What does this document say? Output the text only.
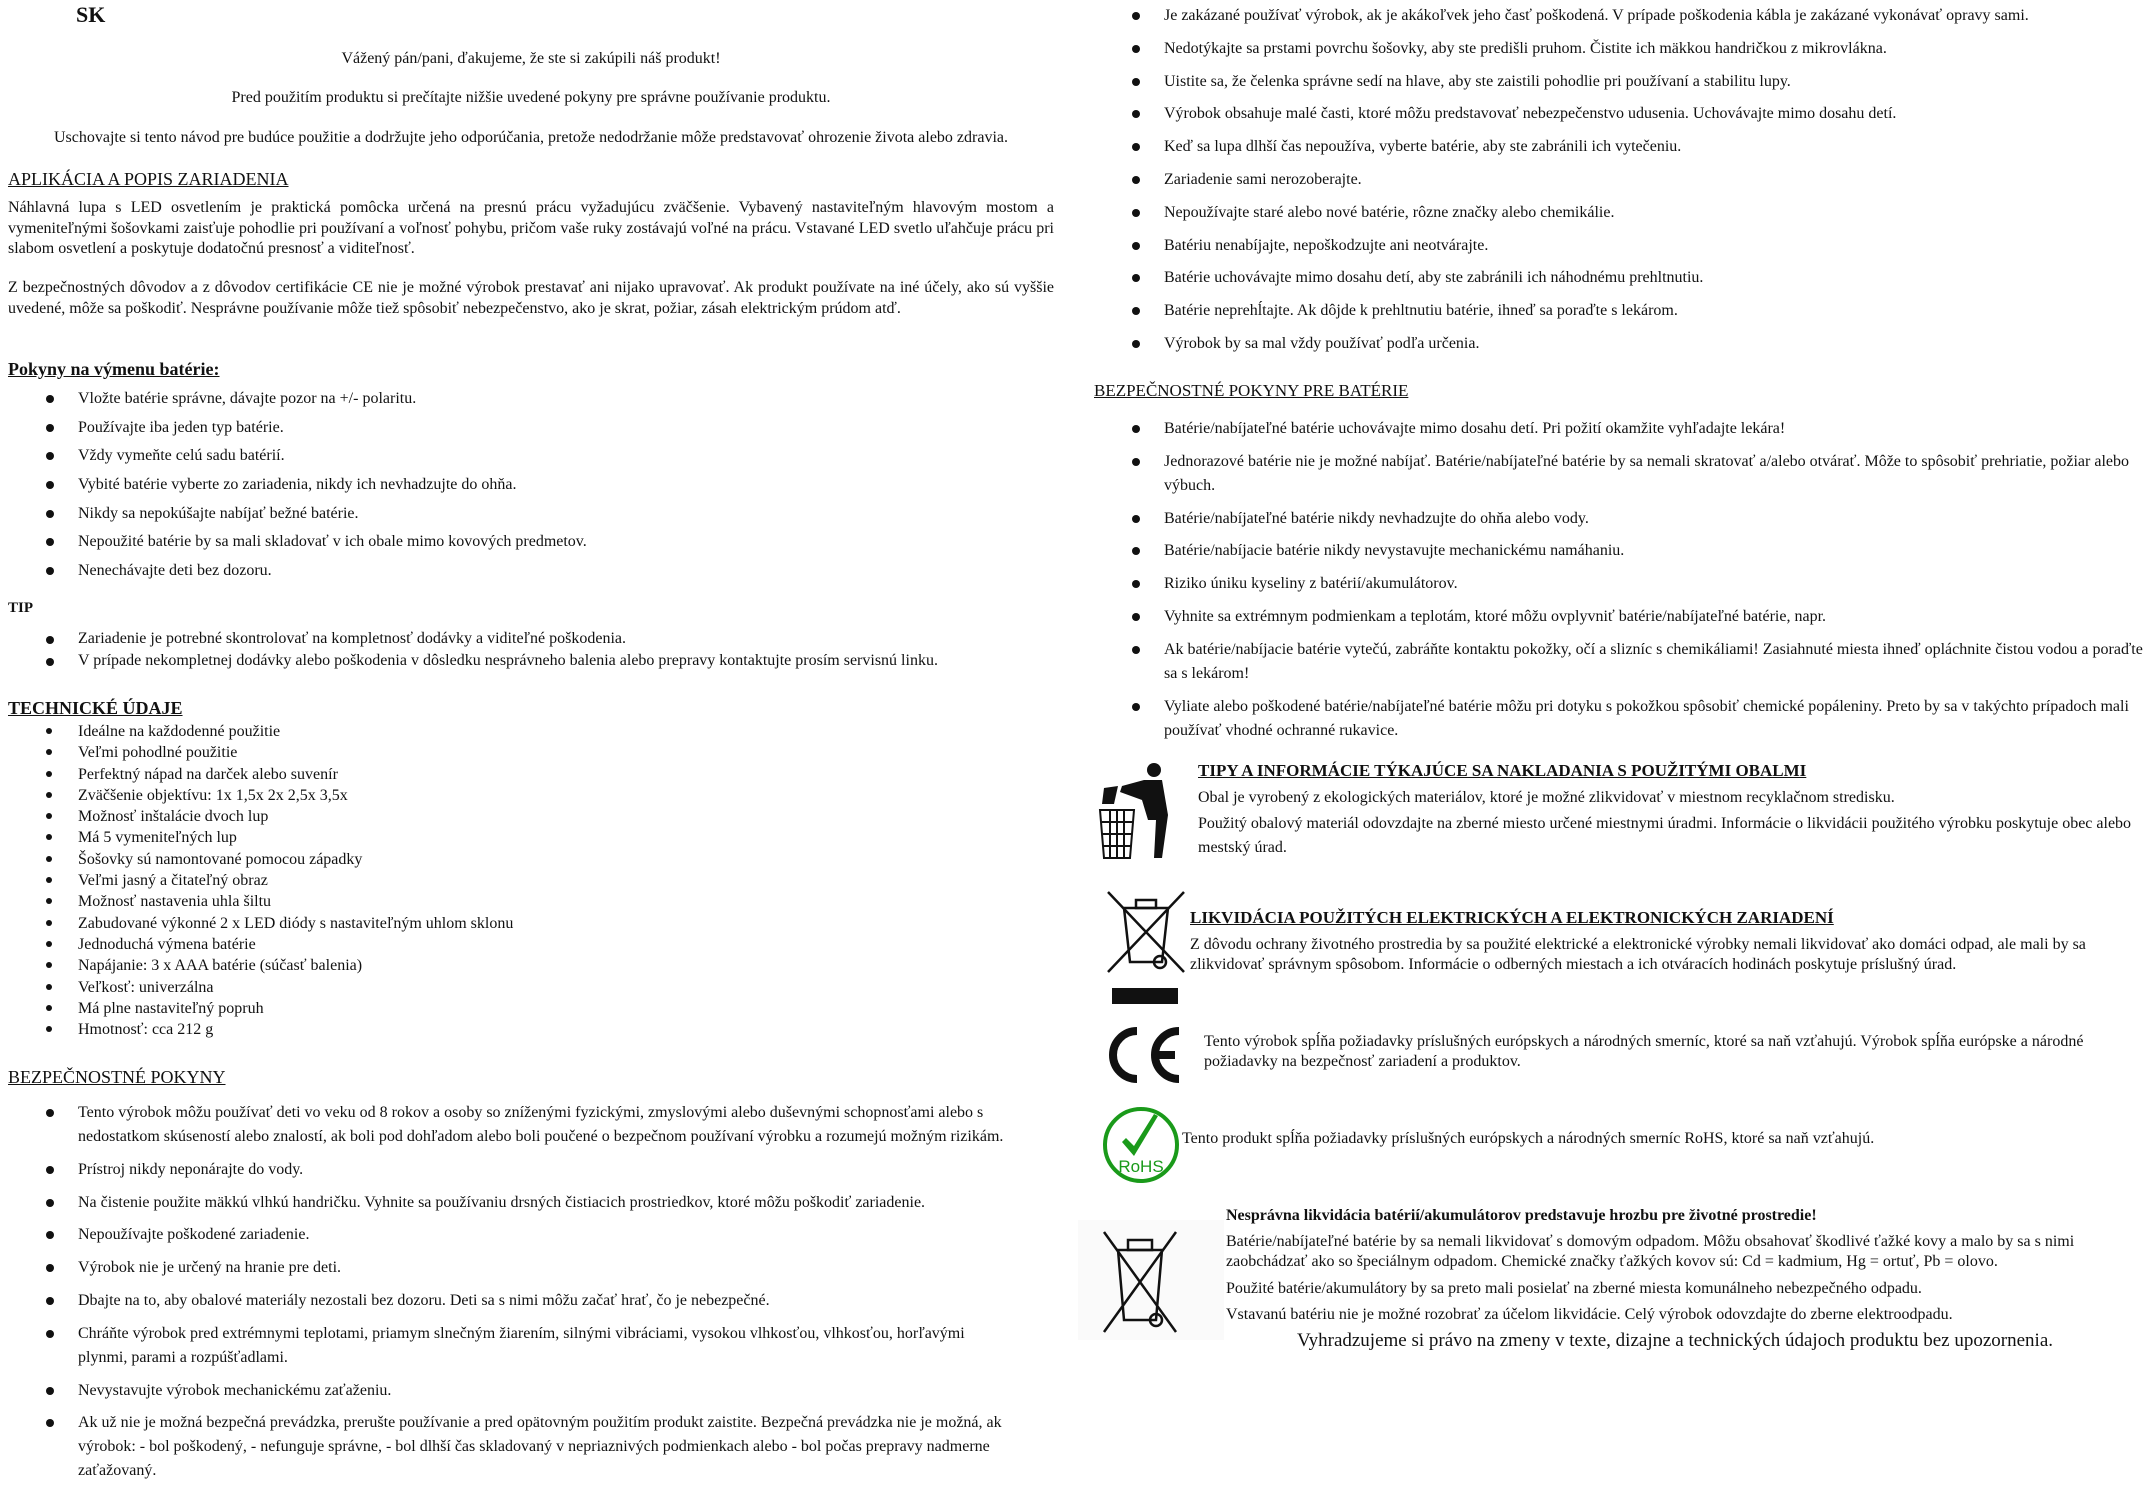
SK
Vážený pán/pani, ďakujeme, že ste si zakúpili náš produkt!
Pred použitím produktu si prečítajte nižšie uvedené pokyny pre správne používanie produktu.
Uschovajte si tento návod pre budúce použitie a dodržujte jeho odporúčania, pretože nedodržanie môže predstavovať ohrozenie života alebo zdravia.
APLIKÁCIA A POPIS ZARIADENIA
Náhlavná lupa s LED osvetlením je praktická pomôcka určená na presnú prácu vyžadujúcu zväčšenie. Vybavený nastaviteľným hlavovým mostom a vymeniteľnými šošovkami zaisťuje pohodlie pri používaní a voľnosť pohybu, pričom vaše ruky zostávajú voľné na prácu. Vstavané LED svetlo uľahčuje prácu pri slabom osvetlení a poskytuje dodatočnú presnosť a viditeľnosť.
Z bezpečnostných dôvodov a z dôvodov certifikácie CE nie je možné výrobok prestavať ani nijako upravovať. Ak produkt používate na iné účely, ako sú vyššie uvedené, môže sa poškodiť. Nesprávne používanie môže tiež spôsobiť nebezpečenstvo, ako je skrat, požiar, zásah elektrickým prúdom atď.
Pokyny na výmenu batérie:
Vložte batérie správne, dávajte pozor na +/- polaritu.
Používajte iba jeden typ batérie.
Vždy vymeňte celú sadu batérií.
Vybité batérie vyberte zo zariadenia, nikdy ich nevhadzujte do ohňa.
Nikdy sa nepokúšajte nabíjať bežné batérie.
Nepoužité batérie by sa mali skladovať v ich obale mimo kovových predmetov.
Nenechávajte deti bez dozoru.
TIP
Zariadenie je potrebné skontrolovať na kompletnosť dodávky a viditeľné poškodenia.
V prípade nekompletnej dodávky alebo poškodenia v dôsledku nesprávneho balenia alebo prepravy kontaktujte prosím servisnú linku.
TECHNICKÉ ÚDAJE
Ideálne na každodenné použitie
Veľmi pohodlné použitie
Perfektný nápad na darček alebo suvenír
Zväčšenie objektívu: 1x 1,5x 2x 2,5x 3,5x
Možnosť inštalácie dvoch lup
Má 5 vymeniteľných lup
Šošovky sú namontované pomocou západky
Veľmi jasný a čitateľný obraz
Možnosť nastavenia uhla šiltu
Zabudované výkonné 2 x LED diódy s nastaviteľným uhlom sklonu
Jednoduchá výmena batérie
Napájanie: 3 x AAA batérie (súčasť balenia)
Veľkosť: univerzálna
Má plne nastaviteľný popruh
Hmotnosť: cca 212 g
BEZPEČNOSTNÉ POKYNY
Tento výrobok môžu používať deti vo veku od 8 rokov a osoby so zníženými fyzickými, zmyslovými alebo duševnými schopnosťami alebo s nedostatkom skúseností alebo znalostí, ak boli pod dohľadom alebo boli poučené o bezpečnom používaní výrobku a rozumejú možným rizikám.
Prístroj nikdy neponárajte do vody.
Na čistenie použite mäkkú vlhkú handričku. Vyhnite sa používaniu drsných čistiacich prostriedkov, ktoré môžu poškodiť zariadenie.
Nepoužívajte poškodené zariadenie.
Výrobok nie je určený na hranie pre deti.
Dbajte na to, aby obalové materiály nezostali bez dozoru. Deti sa s nimi môžu začať hrať, čo je nebezpečné.
Chráňte výrobok pred extrémnymi teplotami, priamym slnečným žiarením, silnými vibráciami, vysokou vlhkosťou, vlhkosťou, horľavými plynmi, parami a rozpúšťadlami.
Nevystavujte výrobok mechanickému zaťaženiu.
Ak už nie je možná bezpečná prevádzka, prerušte používanie a pred opätovným použitím produkt zaistite. Bezpečná prevádzka nie je možná, ak výrobok: - bol poškodený, - nefunguje správne, - bol dlhší čas skladovaný v nepriaznivých podmienkach alebo - bol počas prepravy nadmerne zaťažovaný.
Je zakázané používať výrobok, ak je akákoľvek jeho časť poškodená. V prípade poškodenia kábla je zakázané vykonávať opravy sami.
Nedotýkajte sa prstami povrchu šošovky, aby ste predišli pruhom. Čistite ich mäkkou handričkou z mikrovlákna.
Uistite sa, že čelenka správne sedí na hlave, aby ste zaistili pohodlie pri používaní a stabilitu lupy.
Výrobok obsahuje malé časti, ktoré môžu predstavovať nebezpečenstvo udusenia. Uchovávajte mimo dosahu detí.
Keď sa lupa dlhší čas nepoužíva, vyberte batérie, aby ste zabránili ich vytečeniu.
Zariadenie sami nerozoberajte.
Nepoužívajte staré alebo nové batérie, rôzne značky alebo chemikálie.
Batériu nenabíjajte, nepoškodzujte ani neotvárajte.
Batérie uchovávajte mimo dosahu detí, aby ste zabránili ich náhodnému prehltnutiu.
Batérie neprehĺtajte. Ak dôjde k prehltnutiu batérie, ihneď sa poraďte s lekárom.
Výrobok by sa mal vždy používať podľa určenia.
BEZPEČNOSTNÉ POKYNY PRE BATÉRIE
Batérie/nabíjateľné batérie uchovávajte mimo dosahu detí. Pri požití okamžite vyhľadajte lekára!
Jednorazové batérie nie je možné nabíjať. Batérie/nabíjateľné batérie by sa nemali skratovať a/alebo otvárať. Môže to spôsobiť prehriatie, požiar alebo výbuch.
Batérie/nabíjateľné batérie nikdy nevhadzujte do ohňa alebo vody.
Batérie/nabíjacie batérie nikdy nevystavujte mechanickému namáhaniu.
Riziko úniku kyseliny z batérií/akumulátorov.
Vyhnite sa extrémnym podmienkam a teplotám, ktoré môžu ovplyvniť batérie/nabíjateľné batérie, napr.
Ak batérie/nabíjacie batérie vytečú, zabráňte kontaktu pokožky, očí a slizníc s chemikáliami! Zasiahnuté miesta ihneď opláchnite čistou vodou a poraďte sa s lekárom!
Vyliate alebo poškodené batérie/nabíjateľné batérie môžu pri dotyku s pokožkou spôsobiť chemické popáleniny. Preto by sa v takýchto prípadoch mali používať vhodné ochranné rukavice.
TIPY A INFORMÁCIE TÝKAJÚCE SA NAKLADANIA S POUŽITÝMI OBALMI

Obal je vyrobený z ekologických materiálov, ktoré je možné zlikvidovať v miestnom recyklačnom stredisku.

Použitý obalový materiál odovzdajte na zberné miesto určené miestnymi úradmi. Informácie o likvidácii použitého výrobku poskytuje obec alebo mestský úrad.

LIKVIDÁCIA POUŽITÝCH ELEKTRICKÝCH A ELEKTRONICKÝCH ZARIADENÍ
Z dôvodu ochrany životného prostredia by sa použité elektrické a elektronické výrobky nemali likvidovať ako domáci odpad, ale mali by sa zlikvidovať správnym spôsobom. Informácie o odberných miestach a ich otváracích hodinách poskytuje príslušný úrad.
Tento výrobok spĺňa požiadavky príslušných európskych a národných smerníc, ktoré sa naň vzťahujú. Výrobok spĺňa európske a národné požiadavky na bezpečnosť zariadení a produktov.
RoHS
Tento produkt spĺňa požiadavky príslušných európskych a národných smerníc RoHS, ktoré sa naň vzťahujú.
Nesprávna likvidácia batérií/akumulátorov predstavuje hrozbu pre životné prostredie!

Batérie/nabíjateľné batérie by sa nemali likvidovať s domovým odpadom. Môžu obsahovať škodlivé ťažké kovy a malo by sa s nimi zaobchádzať ako so špeciálnym odpadom. Chemické značky ťažkých kovov sú: Cd = kadmium, Hg = ortuť, Pb = olovo.

Použité batérie/akumulátory by sa preto mali posielať na zberné miesta komunálneho nebezpečného odpadu.

Vstavanú batériu nie je možné rozobrať za účelom likvidácie. Celý výrobok odovzdajte do zberne elektroodpadu.

Vyhradzujeme si právo na zmeny v texte, dizajne a technických údajoch produktu bez upozornenia.
